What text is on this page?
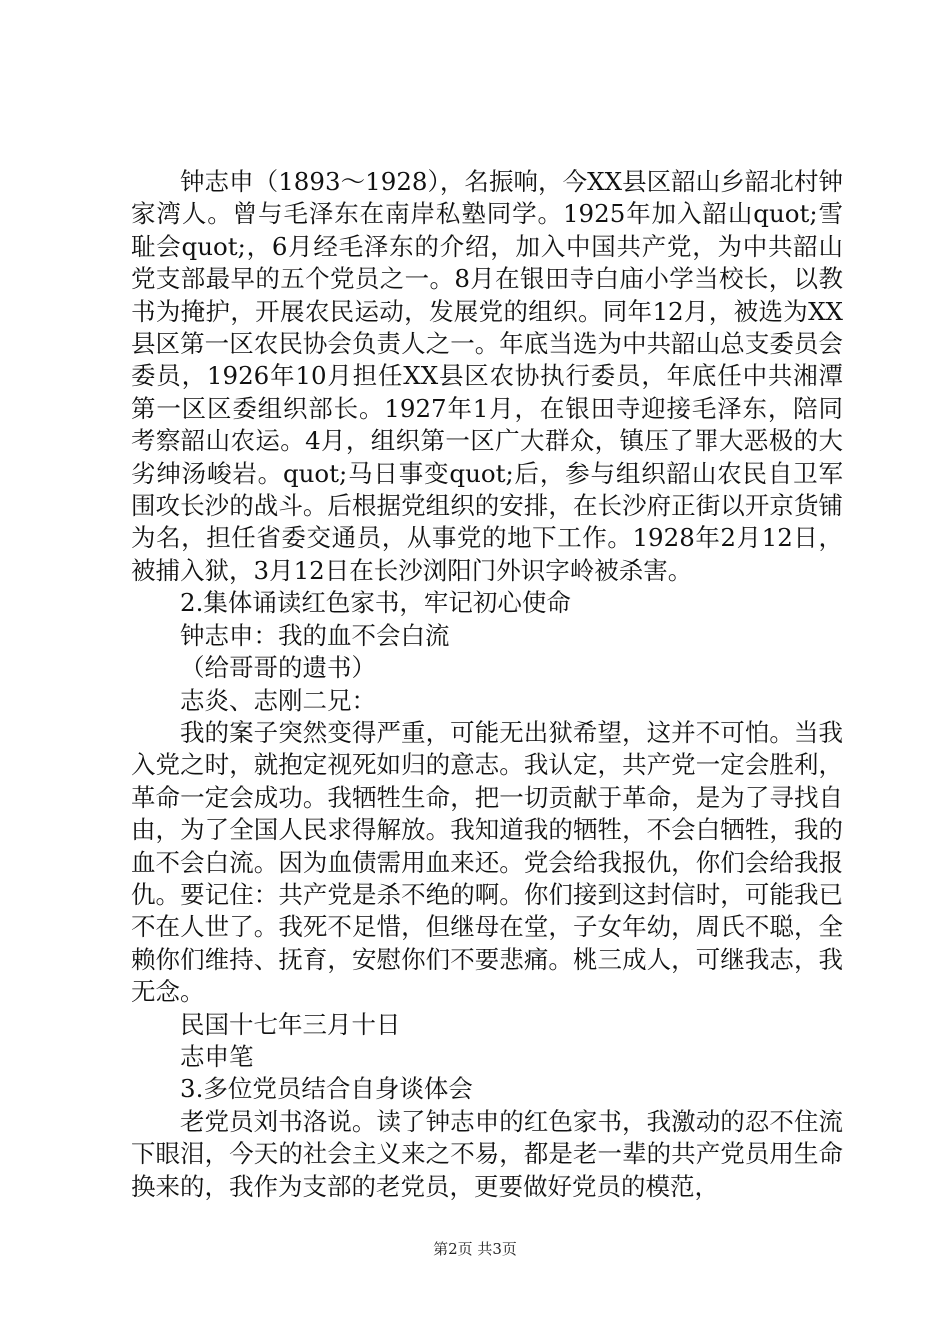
钟志申（1893～1928），名振响，今XX县区韶山乡韶北村钟家湾人。曾与毛泽东在南岸私塾同学。1925年加入韶山quot;雪耻会quot;，6月经毛泽东的介绍，加入中国共产党，为中共韶山党支部最早的五个党员之一。8月在银田寺白庙小学当校长，以教书为掩护，开展农民运动，发展党的组织。同年12月，被选为XX县区第一区农民协会负责人之一。年底当选为中共韶山总支委员会委员，1926年10月担任XX县区农协执行委员，年底任中共湘潭第一区区委组织部长。1927年1月，在银田寺迎接毛泽东，陪同考察韶山农运。4月，组织第一区广大群众，镇压了罪大恶极的大劣绅汤峻岩。quot;马日事变quot;后，参与组织韶山农民自卫军围攻长沙的战斗。后根据党组织的安排，在长沙府正街以开京货铺为名，担任省委交通员，从事党的地下工作。1928年2月12日，被捕入狱，3月12日在长沙浏阳门外识字岭被杀害。

2.集体诵读红色家书，牢记初心使命

钟志申：我的血不会白流

（给哥哥的遗书）

志炎、志刚二兄：

我的案子突然变得严重，可能无出狱希望，这并不可怕。当我入党之时，就抱定视死如归的意志。我认定，共产党一定会胜利，革命一定会成功。我牺牲生命，把一切贡献于革命，是为了寻找自由，为了全国人民求得解放。我知道我的牺牲，不会白牺牲，我的血不会白流。因为血债需用血来还。党会给我报仇，你们会给我报仇。要记住：共产党是杀不绝的啊。你们接到这封信时，可能我已不在人世了。我死不足惜，但继母在堂，子女年幼，周氏不聪，全赖你们维持、抚育，安慰你们不要悲痛。桃三成人，可继我志，我无念。

民国十七年三月十日

志申笔

3.多位党员结合自身谈体会

老党员刘书洛说。读了钟志申的红色家书，我激动的忍不住流下眼泪，今天的社会主义来之不易，都是老一辈的共产党员用生命换来的，我作为支部的老党员，更要做好党员的模范，

第2页 共3页
